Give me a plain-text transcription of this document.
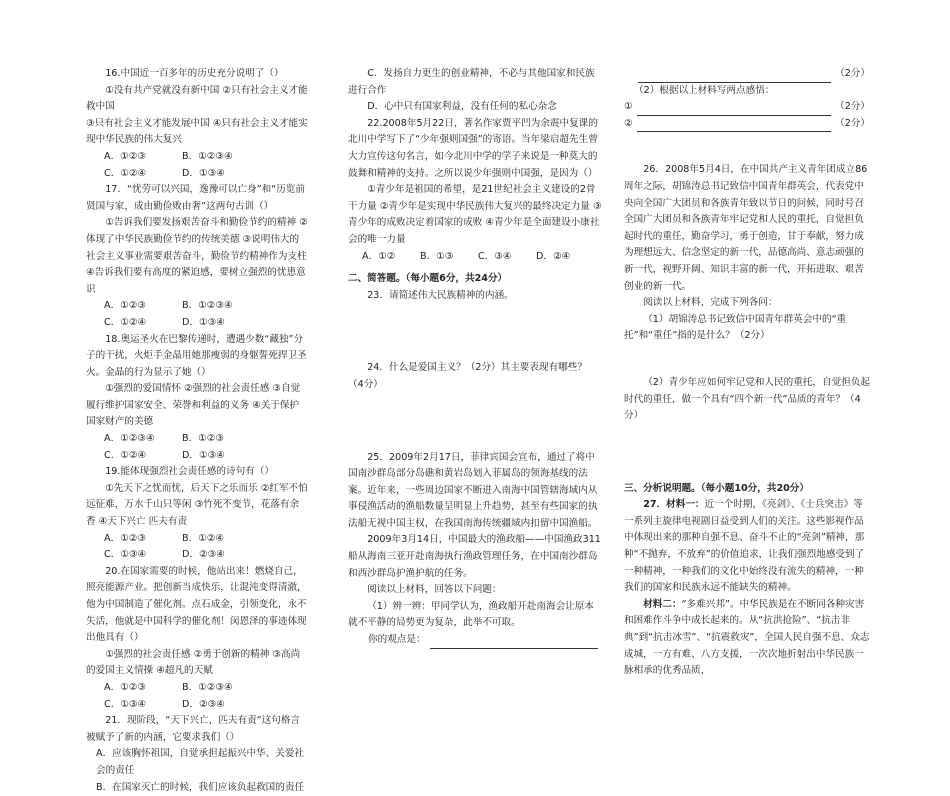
16.中国近一百多年的历史充分说明了（）

①没有共产党就没有新中国 ②只有社会主义才能救中国

③只有社会主义才能发展中国 ④只有社会主义才能实现中华民族的伟大复兴

A．①②③	B．①②③④
C．①②④	D．①③④

17．“忧劳可以兴国，逸豫可以亡身”和“历览前贤国与家，成由勤俭败由奢”这两句古训（）

①告诉我们要发扬艰苦奋斗和勤俭节约的精神 ②体现了中华民族勤俭节约的传统美德 ③说明伟大的社会主义事业需要艰苦奋斗，勤俭节约精神作为支柱 ④告诉我们要有高度的紧迫感，要树立强烈的忧患意识

A．①②③	B．①②③④
C．①②④	D．①③④

18.奥运圣火在巴黎传递时，遭遇少数“藏独”分子的干扰，火炬手金晶用她那瘦弱的身躯誓死捍卫圣火。金晶的行为显示了她（）

①强烈的爱国情怀 ②强烈的社会责任感 ③自觉履行维护国家安全、荣誉和利益的义务 ④关于保护国家财产的美德

A．①②③④	B．①②③
C．①②④	D．①③④

19.能体现强烈社会责任感的诗句有（）

①先天下之忧而忧，后天下之乐而乐 ②红军不怕远征难，万水千山只等闲 ③竹死不变节，花落有余香 ④天下兴亡 匹夫有责

A．①②③	B．①②④
C．①③④	D．②③④

20.在国家需要的时候，他站出来！燃烧自己，照亮能源产业。把创新当成快乐，让混沌变得清澈，他为中国制造了催化剂。点石成金，引领变化，永不失活，他就是中国科学的催化剂！闵恩泽的事迹体现出他具有（）

①强烈的社会责任感 ②勇于创新的精神 ③高尚的爱国主义情操 ④超凡的天赋

A．①②③	B．①②③④
C．①③④	D．②③④

21．现阶段，“天下兴亡，匹夫有责”这句格言被赋予了新的内涵，它要求我们（）

A．应该胸怀祖国，自觉承担起振兴中华、关爱社会的责任

B．在国家灭亡的时候，我们应该负起救国的责任

C．发扬自力更生的创业精神，不必与其他国家和民族进行合作

D．心中只有国家利益，没有任何的私心杂念

22.2008年5月22日，著名作家贾平凹为余震中复课的北川中学写下了“少年强则国强”的寄语。当年梁启超先生曾大力宣传这句名言，如今北川中学的学子来说是一种莫大的鼓舞和精神的支持。之所以说少年强则中国强，是因为（）

①青少年是祖国的希望，是21世纪社会主义建设的2骨干力量 ②青少年是实现中华民族伟大复兴的最终决定力量 ③青少年的成败决定着国家的成败 ④青少年是全面建设小康社会的唯一力量

A．①②	B．①③	C．③④	D．②④

二、简答题。（每小题6分，共24分）

23．请简述伟大民族精神的内涵。

24．什么是爱国主义？（2分）其主要表现有哪些？（4分）

25．2009年2月17日，菲律宾国会宣布，通过了将中国南沙群岛部分岛礁和黄岩岛划入菲属岛的领海基线的法案。近年来，一些周边国家不断进入南海中国管辖海域内从事侵渔活动的渔船数量呈明显上升趋势，甚至有些国家的执法船无视中国主权，在我国南海传统疆域内扣留中国渔船。

2009年3月14日，中国最大的渔政船——中国渔政311船从海南三亚开赴南海执行渔政管理任务，在中国南沙群岛和西沙群岛护渔护航的任务。

阅读以上材料，回答以下问题：

（1）辨一辨：甲同学认为，渔政船开赴南海会让原本就不平静的局势更为复杂，此举不可取。

你的观点是：
（2分）

（2）根据以上材料写两点感悟：

①	（2分）
②	（2分）

26．2008年5月4日，在中国共产主义青年团成立86周年之际，胡锦涛总书记致信中国青年群英会，代表党中央向全国广大团员和各族青年致以节日的问候，同时号召全国广大团员和各族青年牢记党和人民的重托，自觉担负起时代的重任，勤奋学习，勇于创造，甘于奉献，努力成为理想远大、信念坚定的新一代，品德高尚、意志顽强的新一代，视野开阔、知识丰富的新一代，开拓进取、艰苦创业的新一代。

阅读以上材料，完成下列各问：

（1）胡锦涛总书记致信中国青年群英会中的“重托”和“重任”指的是什么？（2分）

（2）青少年应如何牢记党和人民的重托，自觉担负起时代的重任，做一个具有“四个新一代”品质的青年？（4分）

三、分析说明题。（每小题10分，共20分）

27．材料一：近一个时期，《亮剑》、《士兵突击》等一系列主旋律电视剧日益受到人们的关注。这些影视作品中体现出来的那种自强不息、奋斗不止的“亮剑”精神，那种“不抛弃，不放弃”的价值追求，让我们强烈地感受到了一种精神，一种我们的文化中始终没有流失的精神，一种我们的国家和民族永远不能缺失的精神。

材料二：“多难兴邦”。中华民族是在不断同各种灾害和困难作斗争中成长起来的。从“抗洪抢险”、“抗击非典”到“抗击冰雪”、“抗震救灾”，全国人民自强不息、众志成城，一方有难、八方支援，一次次地折射出中华民族一脉相承的优秀品质，
